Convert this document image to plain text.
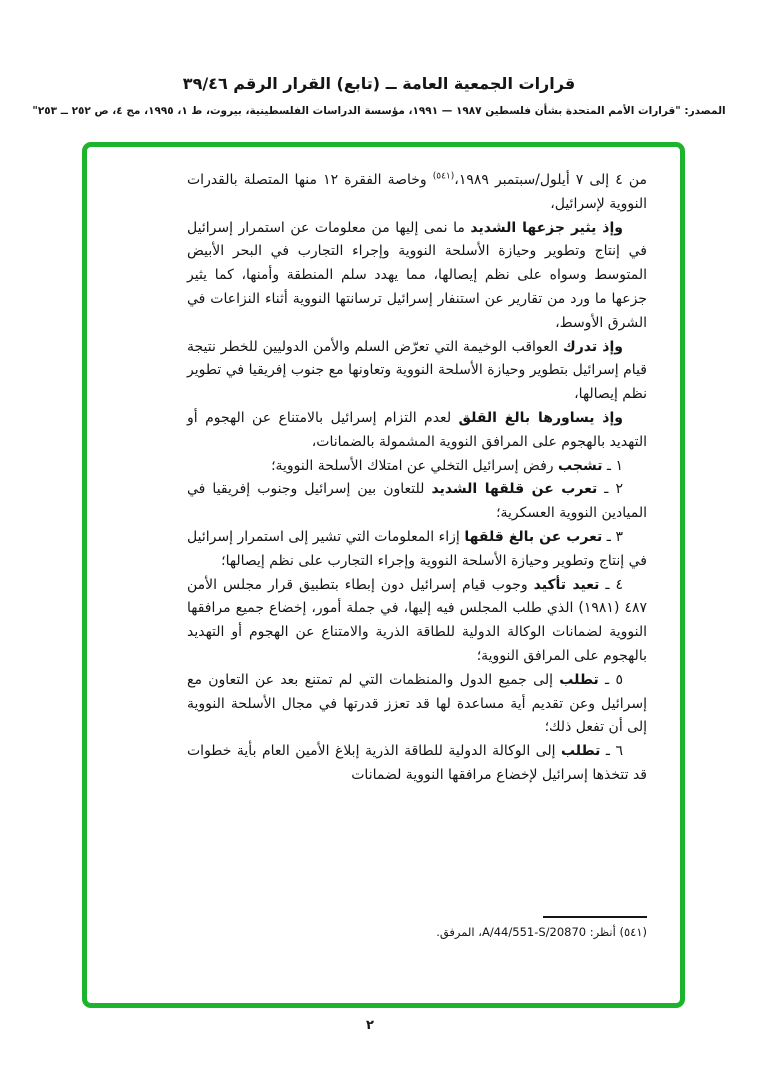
قرارات الجمعية العامة ــ (تابع) القرار الرقم ٣٩/٤٦
المصدر: "قرارات الأمم المتحدة بشأن فلسطين ١٩٨٧ — ١٩٩١، مؤسسة الدراسات الفلسطينية، بيروت، ط ١، ١٩٩٥، مج ٤، ص ٢٥٢ ــ ٢٥٣"

من ٤ إلى ٧ أيلول/سبتمبر ١٩٨٩،$^{(٥٤١)}$ وخاصة الفقرة ١٢ منها المتصلة بالقدرات النووية لإسرائيل،

وإذ يثير جزعها الشديد ما نمى إليها من معلومات عن استمرار إسرائيل في إنتاج وتطوير وحيازة الأسلحة النووية وإجراء التجارب في البحر الأبيض المتوسط وسواه على نظم إيصالها، مما يهدد سلم المنطقة وأمنها، كما يثير جزعها ما ورد من تقارير عن استنفار إسرائيل ترسانتها النووية أثناء النزاعات في الشرق الأوسط،

وإذ تدرك العواقب الوخيمة التي تعرّض السلم والأمن الدوليين للخطر نتيجة قيام إسرائيل بتطوير وحيازة الأسلحة النووية وتعاونها مع جنوب إفريقيا في تطوير نظم إيصالها،

وإذ يساورها بالغ القلق لعدم التزام إسرائيل بالامتناع عن الهجوم أو التهديد بالهجوم على المرافق النووية المشمولة بالضمانات،

١ ـ تشجب رفض إسرائيل التخلي عن امتلاك الأسلحة النووية؛

٢ ـ تعرب عن قلقها الشديد للتعاون بين إسرائيل وجنوب إفريقيا في الميادين النووية العسكرية؛

٣ ـ تعرب عن بالغ قلقها إزاء المعلومات التي تشير إلى استمرار إسرائيل في إنتاج وتطوير وحيازة الأسلحة النووية وإجراء التجارب على نظم إيصالها؛

٤ ـ تعيد تأكيد وجوب قيام إسرائيل دون إبطاء بتطبيق قرار مجلس الأمن ٤٨٧ (١٩٨١) الذي طلب المجلس فيه إليها، في جملة أمور، إخضاع جميع مرافقها النووية لضمانات الوكالة الدولية للطاقة الذرية والامتناع عن الهجوم أو التهديد بالهجوم على المرافق النووية؛

٥ ـ تطلب إلى جميع الدول والمنظمات التي لم تمتنع بعد عن التعاون مع إسرائيل وعن تقديم أية مساعدة لها قد تعزز قدرتها في مجال الأسلحة النووية إلى أن تفعل ذلك؛

٦ ـ تطلب إلى الوكالة الدولية للطاقة الذرية إبلاغ الأمين العام بأية خطوات قد تتخذها إسرائيل لإخضاع مرافقها النووية لضمانات

(٥٤١) أنظر: A/44/551-S/20870، المرفق.
٢
